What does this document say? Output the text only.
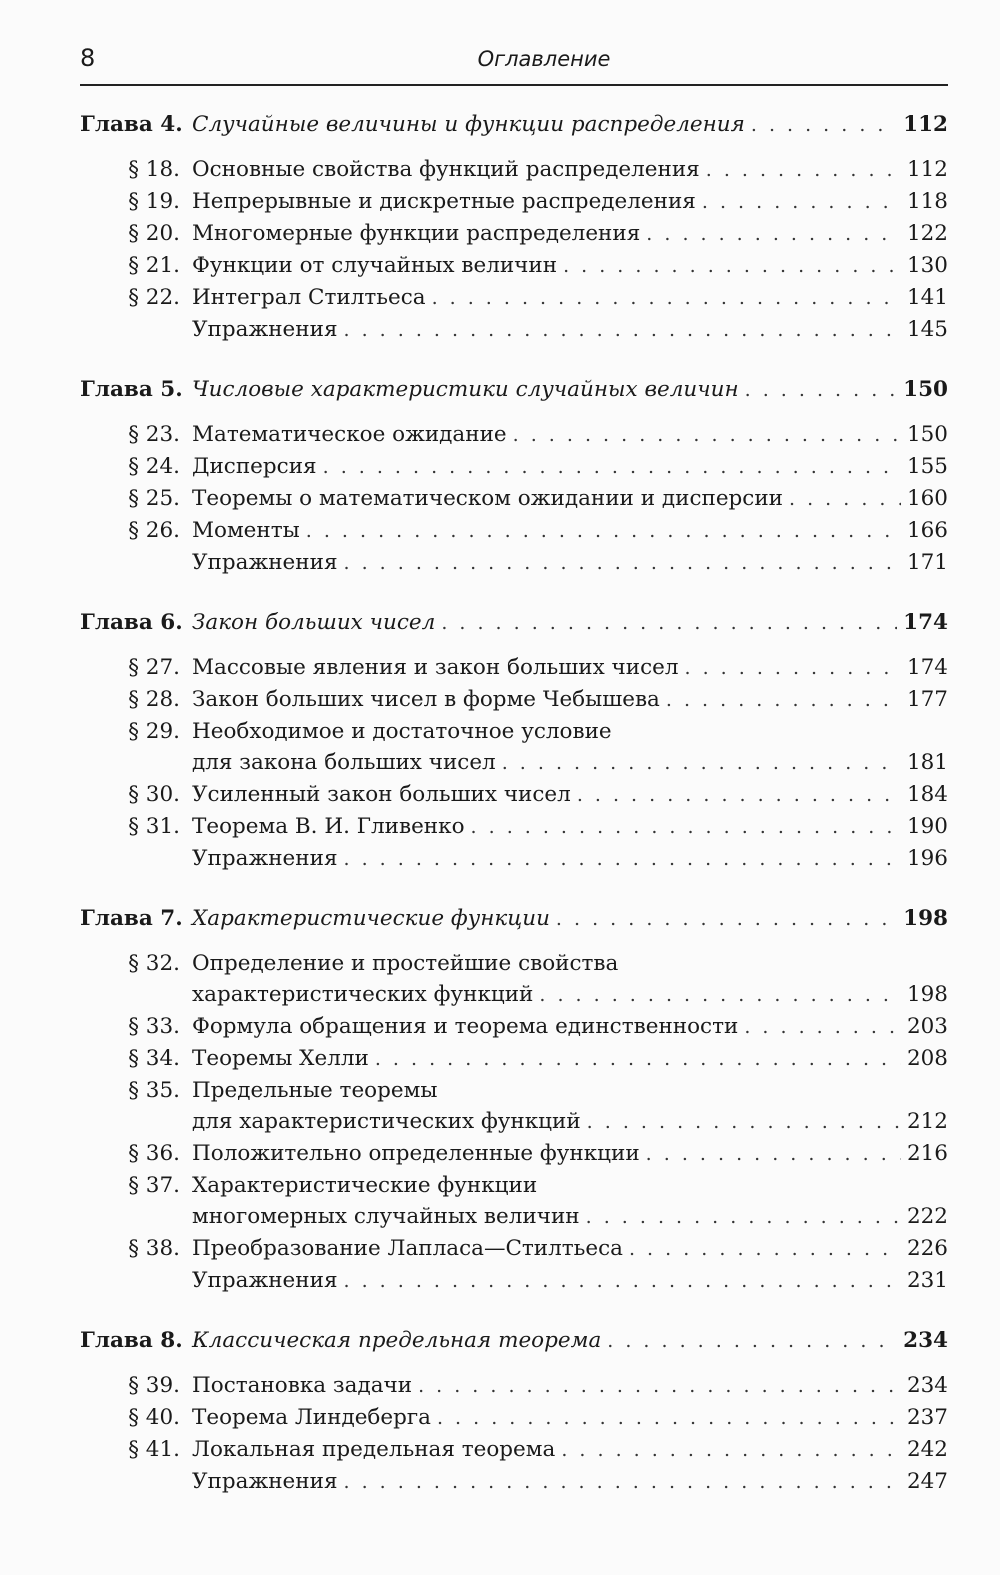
8	Оглавление
Глава 4. Случайные величины и функции распределения . . .	112
§ 18. Основные свойства функций распределения . . .	112
§ 19. Непрерывные и дискретные распределения . . .	118
§ 20. Многомерные функции распределения . . .	122
§ 21. Функции от случайных величин . . .	130
§ 22. Интеграл Стилтьеса . . .	141
Упражнения . . .	145
Глава 5. Числовые характеристики случайных величин . . .	150
§ 23. Математическое ожидание . . .	150
§ 24. Дисперсия . . .	155
§ 25. Теоремы о математическом ожидании и дисперсии . . .	160
§ 26. Моменты . . .	166
Упражнения . . .	171
Глава 6. Закон больших чисел . . .	174
§ 27. Массовые явления и закон больших чисел . . .	174
§ 28. Закон больших чисел в форме Чебышева . . .	177
§ 29. Необходимое и достаточное условие
для закона больших чисел . . .	181
§ 30. Усиленный закон больших чисел . . .	184
§ 31. Теорема В. И. Гливенко . . .	190
Упражнения . . .	196
Глава 7. Характеристические функции . . .	198
§ 32. Определение и простейшие свойства
характеристических функций . . .	198
§ 33. Формула обращения и теорема единственности . . .	203
§ 34. Теоремы Хелли . . .	208
§ 35. Предельные теоремы
для характеристических функций . . .	212
§ 36. Положительно определенные функции . . .	216
§ 37. Характеристические функции
многомерных случайных величин . . .	222
§ 38. Преобразование Лапласа—Стилтьеса . . .	226
Упражнения . . .	231
Глава 8. Классическая предельная теорема . . .	234
§ 39. Постановка задачи . . .	234
§ 40. Теорема Линдеберга . . .	237
§ 41. Локальная предельная теорема . . .	242
Упражнения . . .	247
